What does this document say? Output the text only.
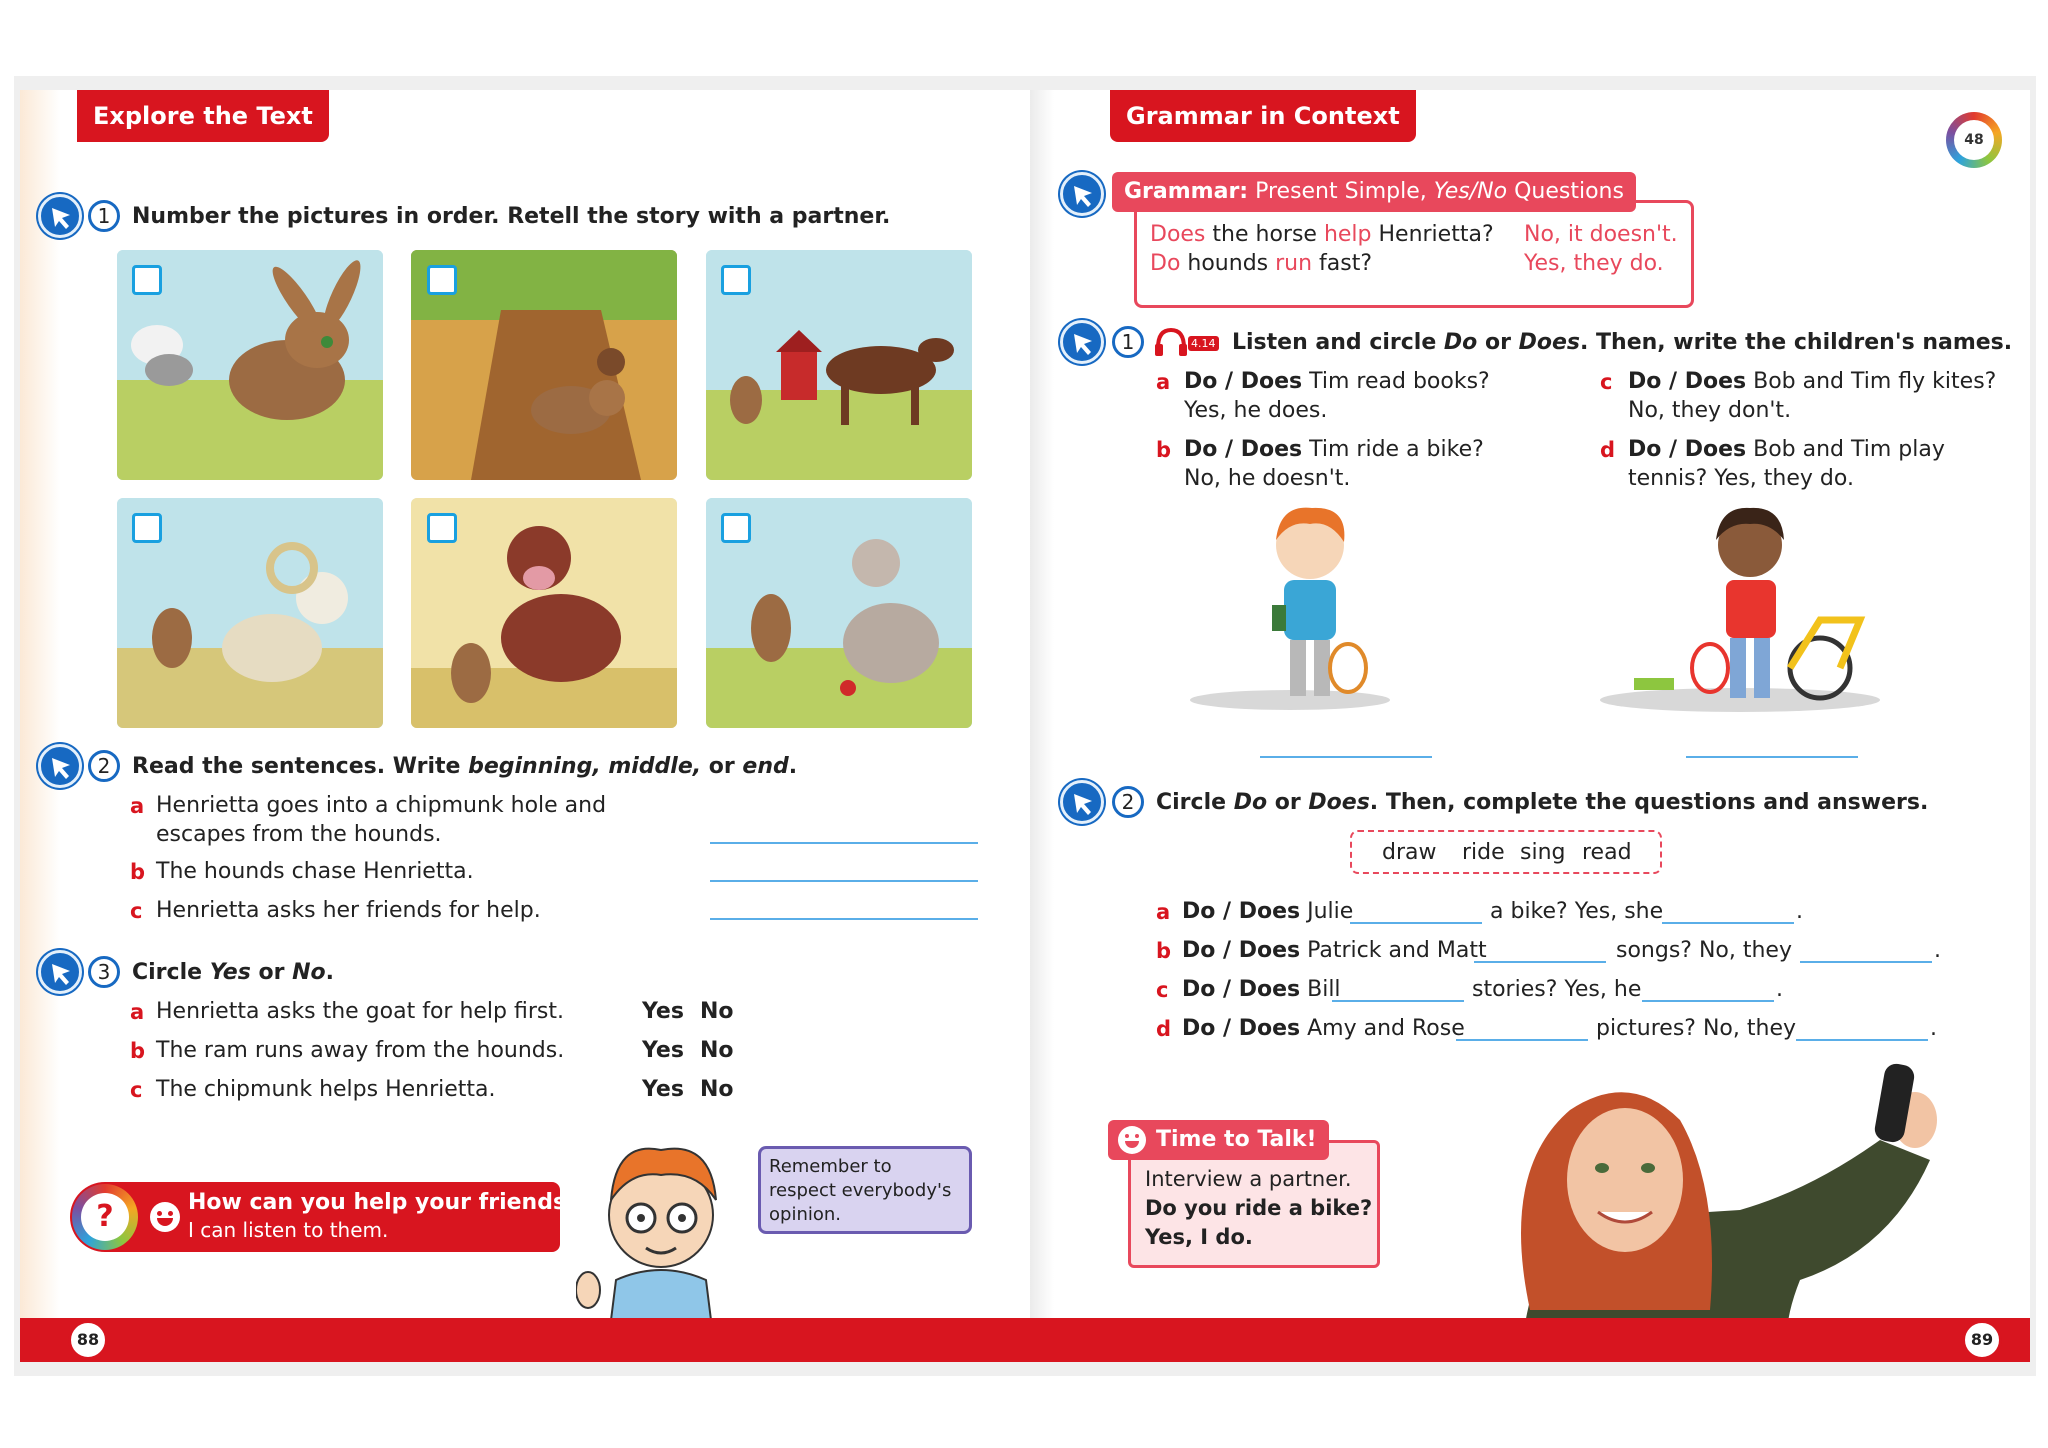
Explore the Text
1 Number the pictures in order. Retell the story with a partner.
2 Read the sentences. Write beginning, middle, or end.
a Henrietta goes into a chipmunk hole and
escapes from the hounds.
b The hounds chase Henrietta.
c Henrietta asks her friends for help.
3 Circle Yes or No.
a Henrietta asks the goat for help first.	Yes No
b The ram runs away from the hounds.	Yes No
c The chipmunk helps Henrietta.	Yes No
?	How can you help your friends?
I can listen to them.
Remember to
respect everybody's
opinion.
88
Grammar in Context
48
Grammar: Present Simple, Yes/No Questions
Does the horse help Henrietta? No, it doesn't.
Do hounds run fast?	Yes, they do.
1	4.14 Listen and circle Do or Does. Then, write the children's names.
a Do / Does Tim read books?
Yes, he does.
b Do / Does Tim ride a bike?
No, he doesn't.
c Do / Does Bob and Tim fly kites?
No, they don't.
d Do / Does Bob and Tim play
tennis? Yes, they do.
2 Circle Do or Does. Then, complete the questions and answers.
draw ride sing read
a Do / Does Julie	a bike? Yes, she	.
b Do / Does Patrick and Matt	songs? No, they	.
c Do / Does Bill	stories? Yes, he	.
d Do / Does Amy and Rose	pictures? No, they	.
Interview a partner.
Do you ride a bike?
Yes, I do.
Time to Talk!
89
